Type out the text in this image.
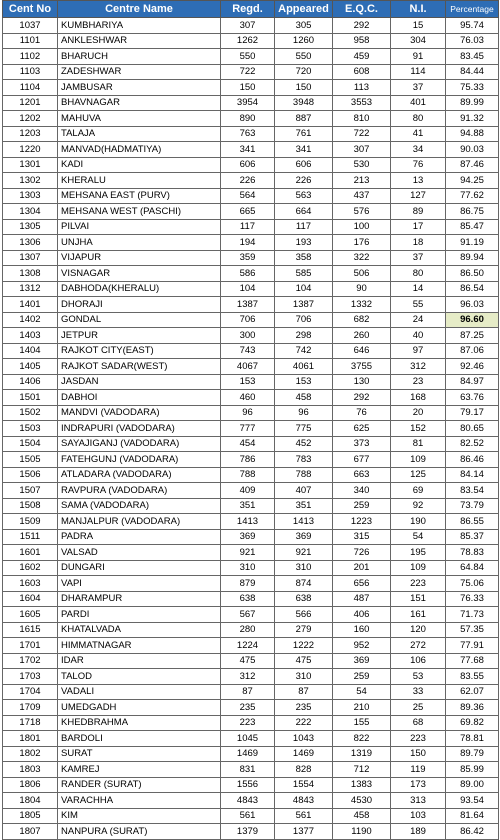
Cent No	Centre Name	Regd.	Appeared	E.Q.C.	N.I.	Percentage
1037	KUMBHARIYA	307	305	292	15	95.74
1101	ANKLESHWAR	1262	1260	958	304	76.03
1102	BHARUCH	550	550	459	91	83.45
1103	ZADESHWAR	722	720	608	114	84.44
1104	JAMBUSAR	150	150	113	37	75.33
1201	BHAVNAGAR	3954	3948	3553	401	89.99
1202	MAHUVA	890	887	810	80	91.32
1203	TALAJA	763	761	722	41	94.88
1220	MANVAD(HADMATIYA)	341	341	307	34	90.03
1301	KADI	606	606	530	76	87.46
1302	KHERALU	226	226	213	13	94.25
1303	MEHSANA EAST (PURV)	564	563	437	127	77.62
1304	MEHSANA WEST (PASCHI)	665	664	576	89	86.75
1305	PILVAI	117	117	100	17	85.47
1306	UNJHA	194	193	176	18	91.19
1307	VIJAPUR	359	358	322	37	89.94
1308	VISNAGAR	586	585	506	80	86.50
1312	DABHODA(KHERALU)	104	104	90	14	86.54
1401	DHORAJI	1387	1387	1332	55	96.03
1402	GONDAL	706	706	682	24	96.60
1403	JETPUR	300	298	260	40	87.25
1404	RAJKOT CITY(EAST)	743	742	646	97	87.06
1405	RAJKOT SADAR(WEST)	4067	4061	3755	312	92.46
1406	JASDAN	153	153	130	23	84.97
1501	DABHOI	460	458	292	168	63.76
1502	MANDVI (VADODARA)	96	96	76	20	79.17
1503	INDRAPURI (VADODARA)	777	775	625	152	80.65
1504	SAYAJIGANJ (VADODARA)	454	452	373	81	82.52
1505	FATEHGUNJ (VADODARA)	786	783	677	109	86.46
1506	ATLADARA (VADODARA)	788	788	663	125	84.14
1507	RAVPURA (VADODARA)	409	407	340	69	83.54
1508	SAMA (VADODARA)	351	351	259	92	73.79
1509	MANJALPUR (VADODARA)	1413	1413	1223	190	86.55
1511	PADRA	369	369	315	54	85.37
1601	VALSAD	921	921	726	195	78.83
1602	DUNGARI	310	310	201	109	64.84
1603	VAPI	879	874	656	223	75.06
1604	DHARAMPUR	638	638	487	151	76.33
1605	PARDI	567	566	406	161	71.73
1615	KHATALVADA	280	279	160	120	57.35
1701	HIMMATNAGAR	1224	1222	952	272	77.91
1702	IDAR	475	475	369	106	77.68
1703	TALOD	312	310	259	53	83.55
1704	VADALI	87	87	54	33	62.07
1709	UMEDGADH	235	235	210	25	89.36
1718	KHEDBRAHMA	223	222	155	68	69.82
1801	BARDOLI	1045	1043	822	223	78.81
1802	SURAT	1469	1469	1319	150	89.79
1803	KAMREJ	831	828	712	119	85.99
1806	RANDER (SURAT)	1556	1554	1383	173	89.00
1804	VARACHHA	4843	4843	4530	313	93.54
1805	KIM	561	561	458	103	81.64
1807	NANPURA (SURAT)	1379	1377	1190	189	86.42
